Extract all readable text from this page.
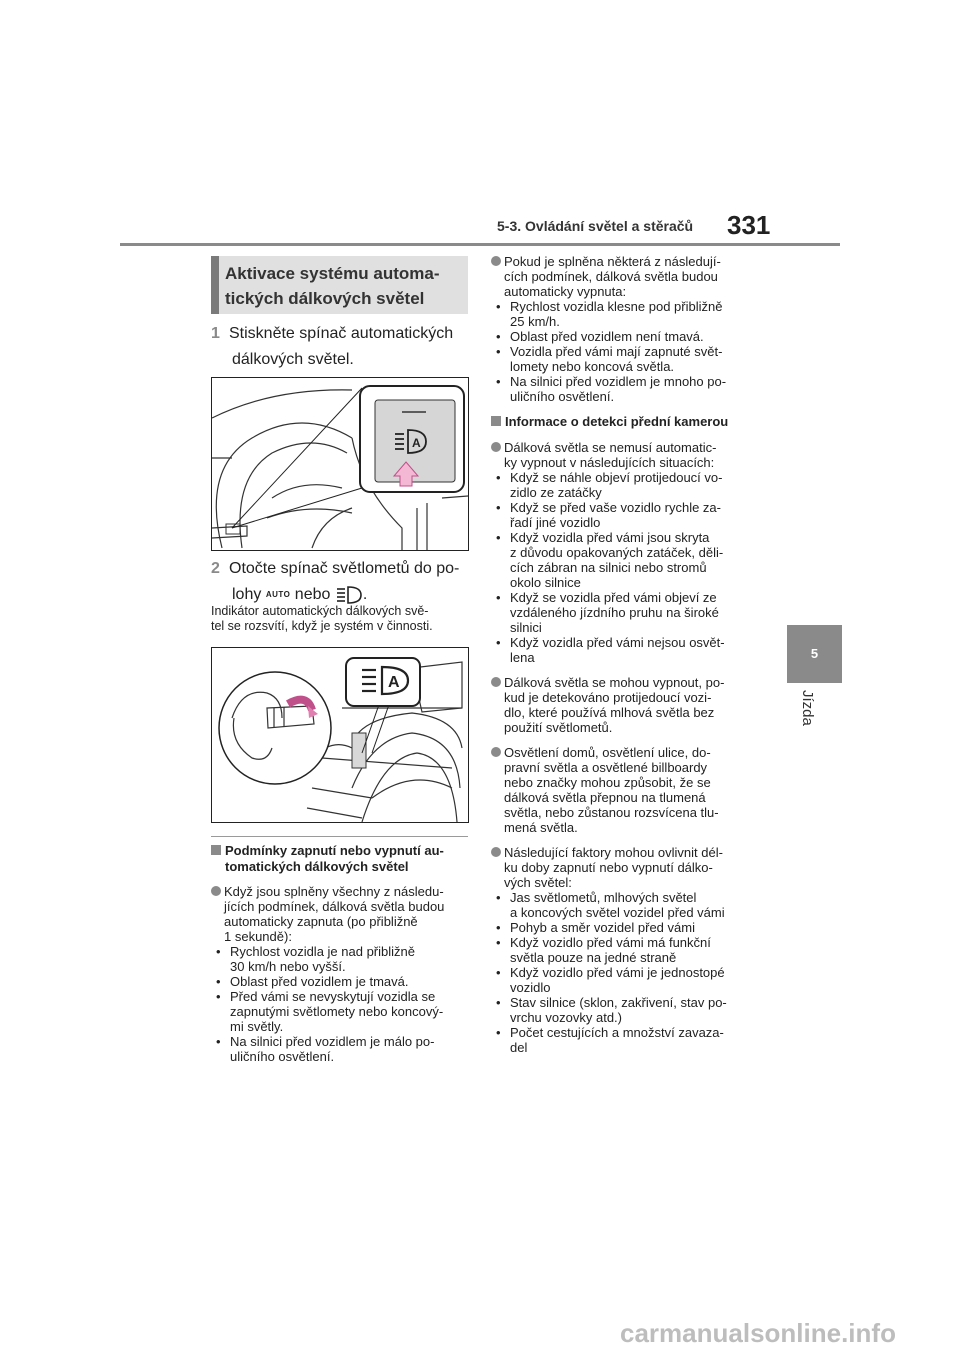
5-3. Ovládání světel a stěračů 331
5
Jízda
Aktivace systému automa-
tických dálkových světel
1 Stiskněte spínač automatických
dálkových světel.
A
2 Otočte spínač světlometů do po-
lohy AUTO nebo .
Indikátor automatických dálkových svě-
tel se rozsvítí, když je systém v činnosti.
A
Podmínky zapnutí nebo vypnutí au-
tomatických dálkových světel

Když jsou splněny všechny z následu-

jících podmínek, dálková světla budou

automaticky zapnuta (po přibližně

1 sekundě):

• Rychlost vozidla je nad přibližně

30 km/h nebo vyšší.

• Oblast před vozidlem je tmavá.

• Před vámi se nevyskytují vozidla se

zapnutými světlomety nebo koncový-

mi světly.

• Na silnici před vozidlem je málo po-

uličního osvětlení.

Pokud je splněna některá z následují-

cích podmínek, dálková světla budou

automaticky vypnuta:

• Rychlost vozidla klesne pod přibližně

25 km/h.

• Oblast před vozidlem není tmavá.

• Vozidla před vámi mají zapnuté svět-

lomety nebo koncová světla.

• Na silnici před vozidlem je mnoho po-

uličního osvětlení.

Informace o detekci přední kamerou

Dálková světla se nemusí automatic-

ky vypnout v následujících situacích:

• Když se náhle objeví protijedoucí vo-

zidlo ze zatáčky

• Když se před vaše vozidlo rychle za-

řadí jiné vozidlo

• Když vozidla před vámi jsou skryta

z důvodu opakovaných zatáček, děli-

cích zábran na silnici nebo stromů

okolo silnice

• Když se vozidla před vámi objeví ze

vzdáleného jízdního pruhu na široké

silnici

• Když vozidla před vámi nejsou osvět-

lena

Dálková světla se mohou vypnout, po-

kud je detekováno protijedoucí vozi-

dlo, které používá mlhová světla bez

použití světlometů.

Osvětlení domů, osvětlení ulice, do-

pravní světla a osvětlené billboardy

nebo značky mohou způsobit, že se

dálková světla přepnou na tlumená

světla, nebo zůstanou rozsvícena tlu-

mená světla.

Následující faktory mohou ovlivnit dél-

ku doby zapnutí nebo vypnutí dálko-

vých světel:

• Jas světlometů, mlhových světel

a koncových světel vozidel před vámi

• Pohyb a směr vozidel před vámi

• Když vozidlo před vámi má funkční

světla pouze na jedné straně

• Když vozidlo před vámi je jednostopé

vozidlo

• Stav silnice (sklon, zakřivení, stav po-

vrchu vozovky atd.)

• Počet cestujících a množství zavaza-

del

carmanualsonline.info
